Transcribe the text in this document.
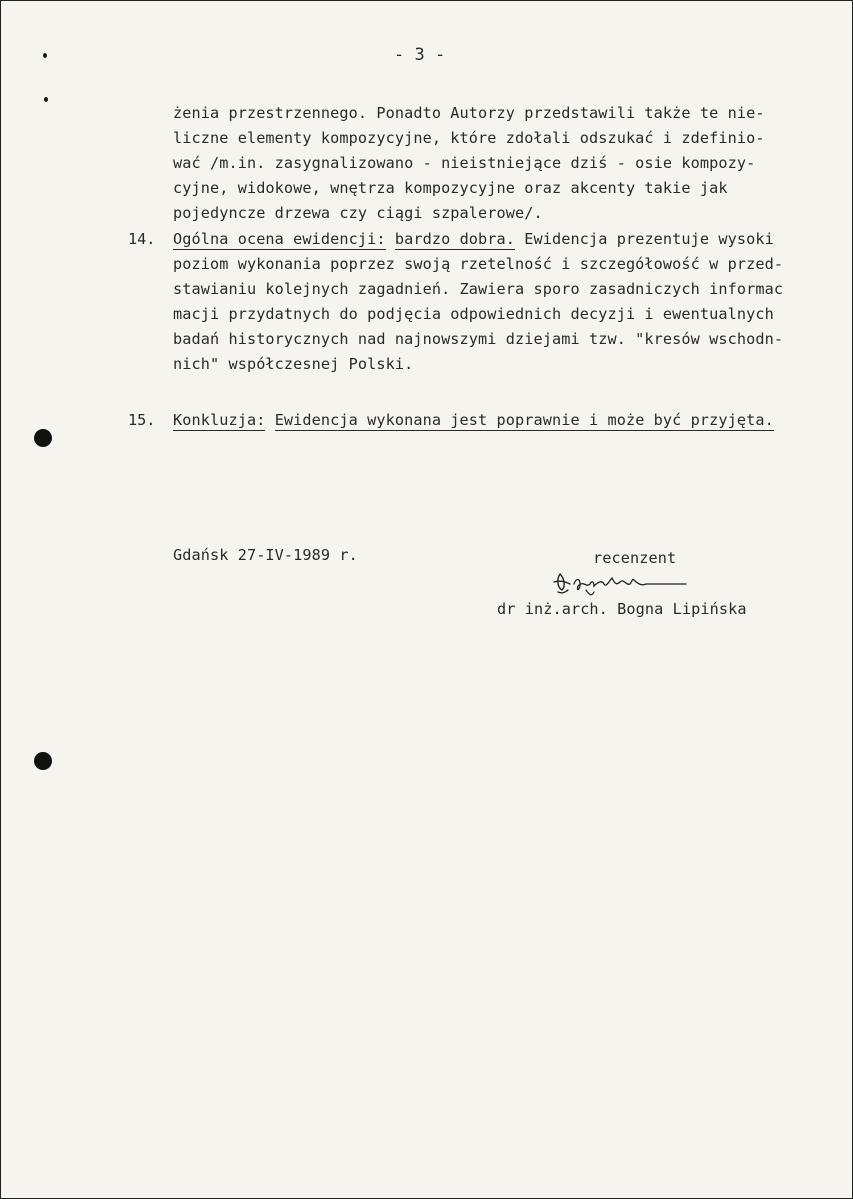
- 3 -
żenia przestrzennego. Ponadto Autorzy przedstawili także te nie-
liczne elementy kompozycyjne, które zdołali odszukać i zdefinio-
wać /m.in. zasygnalizowano - nieistniejące dziś - osie kompozy-
cyjne, widokowe, wnętrza kompozycyjne oraz akcenty takie jak
pojedyncze drzewa czy ciągi szpalerowe/.
14. Ogólna ocena ewidencji: bardzo dobra. Ewidencja prezentuje wysoki
poziom wykonania poprzez swoją rzetelność i szczegółowość w przed-
stawianiu kolejnych zagadnień. Zawiera sporo zasadniczych informac
macji przydatnych do podjęcia odpowiednich decyzji i ewentualnych
badań historycznych nad najnowszymi dziejami tzw. "kresów wschodn-
nich" współczesnej Polski.
15. Konkluzja: Ewidencja wykonana jest poprawnie i może być przyjęta.
Gdańsk 27-IV-1989 r.	recenzent
dr inż.arch. Bogna Lipińska
